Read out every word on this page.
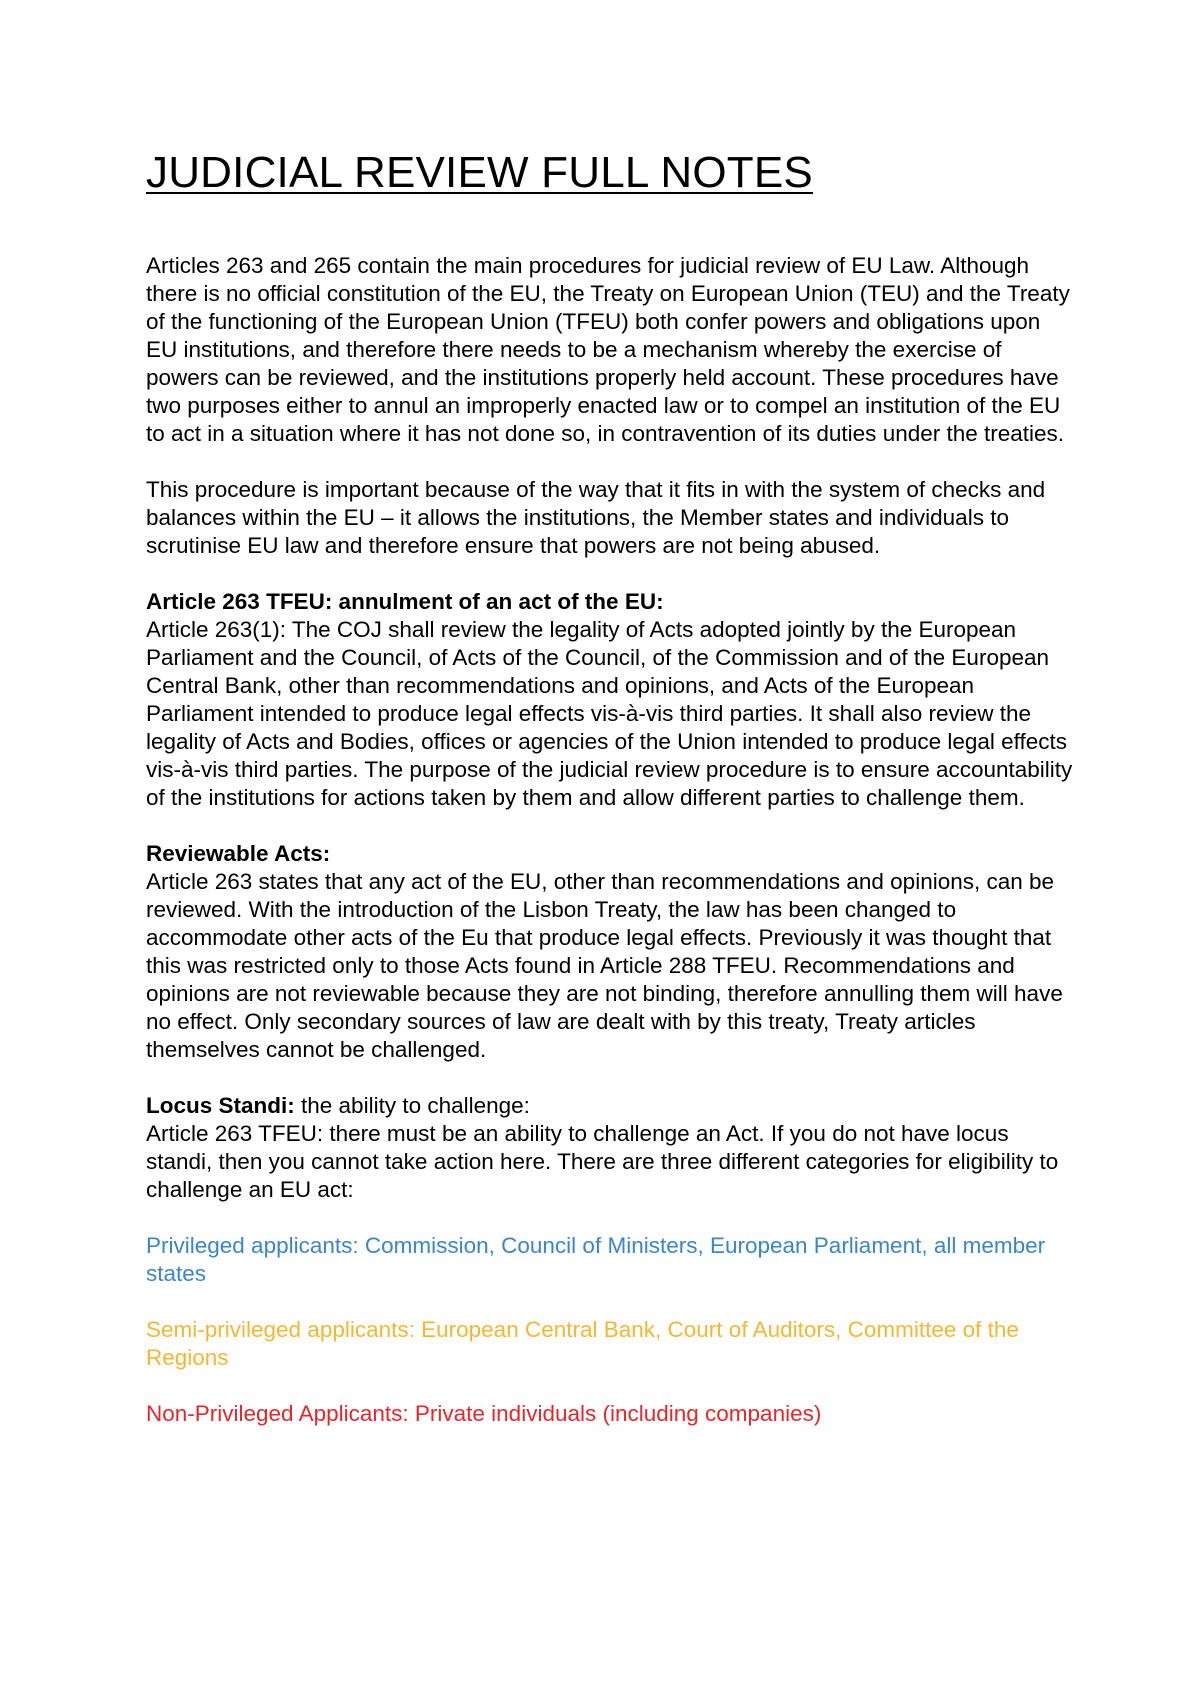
JUDICIAL REVIEW FULL NOTES

Articles 263 and 265 contain the main procedures for judicial review of EU Law. Although there is no official constitution of the EU, the Treaty on European Union (TEU) and the Treaty of the functioning of the European Union (TFEU) both confer powers and obligations upon EU institutions, and therefore there needs to be a mechanism whereby the exercise of powers can be reviewed, and the institutions properly held account. These procedures have two purposes either to annul an improperly enacted law or to compel an institution of the EU to act in a situation where it has not done so, in contravention of its duties under the treaties.

This procedure is important because of the way that it fits in with the system of checks and balances within the EU – it allows the institutions, the Member states and individuals to scrutinise EU law and therefore ensure that powers are not being abused.

Article 263 TFEU: annulment of an act of the EU:
Article 263(1): The COJ shall review the legality of Acts adopted jointly by the European Parliament and the Council, of Acts of the Council, of the Commission and of the European Central Bank, other than recommendations and opinions, and Acts of the European Parliament intended to produce legal effects vis-à-vis third parties. It shall also review the legality of Acts and Bodies, offices or agencies of the Union intended to produce legal effects vis-à-vis third parties. The purpose of the judicial review procedure is to ensure accountability of the institutions for actions taken by them and allow different parties to challenge them.
Reviewable Acts:
Article 263 states that any act of the EU, other than recommendations and opinions, can be reviewed. With the introduction of the Lisbon Treaty, the law has been changed to accommodate other acts of the Eu that produce legal effects. Previously it was thought that this was restricted only to those Acts found in Article 288 TFEU. Recommendations and opinions are not reviewable because they are not binding, therefore annulling them will have no effect. Only secondary sources of law are dealt with by this treaty, Treaty articles themselves cannot be challenged.
Locus Standi: the ability to challenge:
Article 263 TFEU: there must be an ability to challenge an Act. If you do not have locus standi, then you cannot take action here. There are three different categories for eligibility to challenge an EU act:

Privileged applicants: Commission, Council of Ministers, European Parliament, all member states

Semi-privileged applicants: European Central Bank, Court of Auditors, Committee of the Regions

Non-Privileged Applicants: Private individuals (including companies)
